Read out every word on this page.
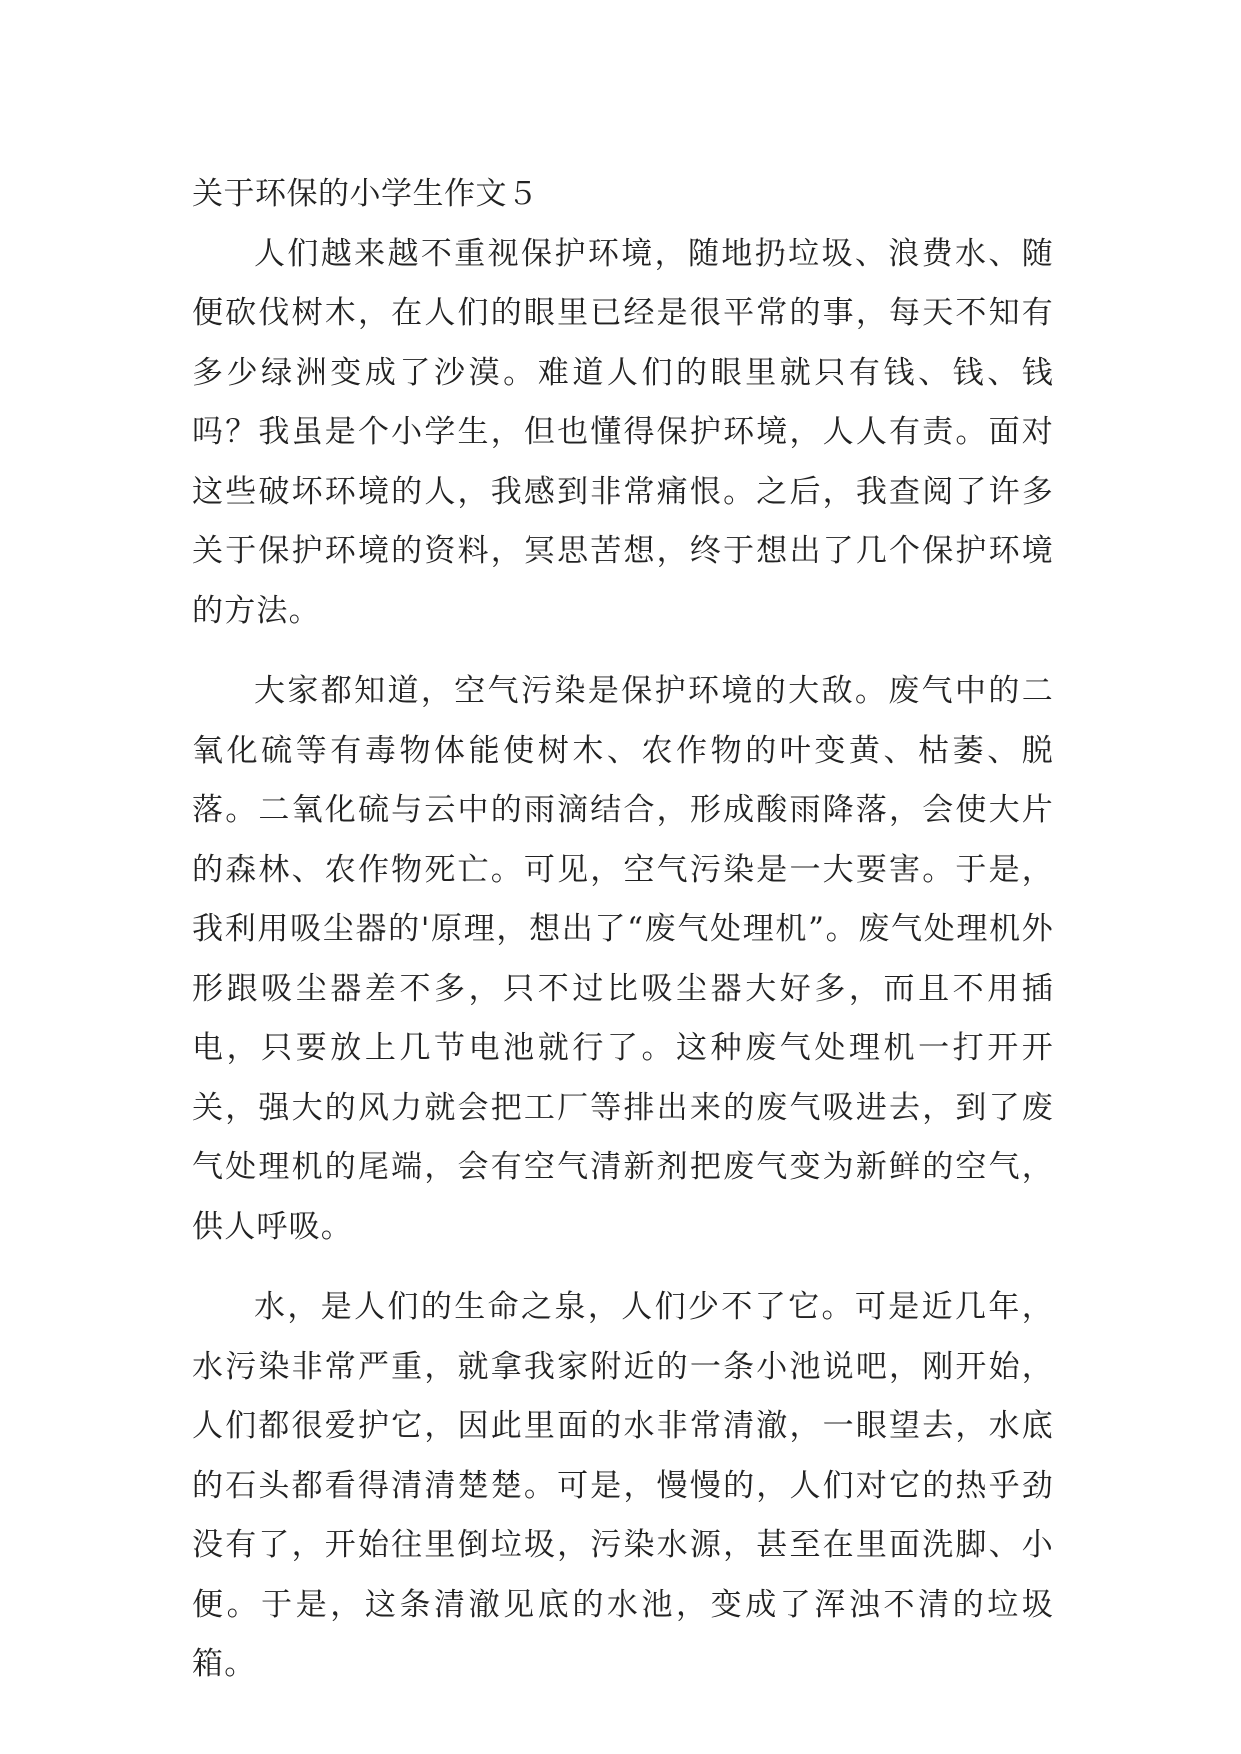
关于环保的小学生作文５

人们越来越不重视保护环境，随地扔垃圾、浪费水、随便砍伐树木，在人们的眼里已经是很平常的事，每天不知有多少绿洲变成了沙漠。难道人们的眼里就只有钱、钱、钱吗？我虽是个小学生，但也懂得保护环境，人人有责。面对这些破坏环境的人，我感到非常痛恨。之后，我查阅了许多关于保护环境的资料，冥思苦想，终于想出了几个保护环境的方法。

大家都知道，空气污染是保护环境的大敌。废气中的二氧化硫等有毒物体能使树木、农作物的叶变黄、枯萎、脱落。二氧化硫与云中的雨滴结合，形成酸雨降落，会使大片的森林、农作物死亡。可见，空气污染是一大要害。于是，我利用吸尘器的'原理，想出了“废气处理机”。废气处理机外形跟吸尘器差不多，只不过比吸尘器大好多，而且不用插电，只要放上几节电池就行了。这种废气处理机一打开开关，强大的风力就会把工厂等排出来的废气吸进去，到了废气处理机的尾端，会有空气清新剂把废气变为新鲜的空气，供人呼吸。

水，是人们的生命之泉，人们少不了它。可是近几年，水污染非常严重，就拿我家附近的一条小池说吧，刚开始，人们都很爱护它，因此里面的水非常清澈，一眼望去，水底的石头都看得清清楚楚。可是，慢慢的，人们对它的热乎劲没有了，开始往里倒垃圾，污染水源，甚至在里面洗脚、小便。于是，这条清澈见底的水池，变成了浑浊不清的垃圾箱。
